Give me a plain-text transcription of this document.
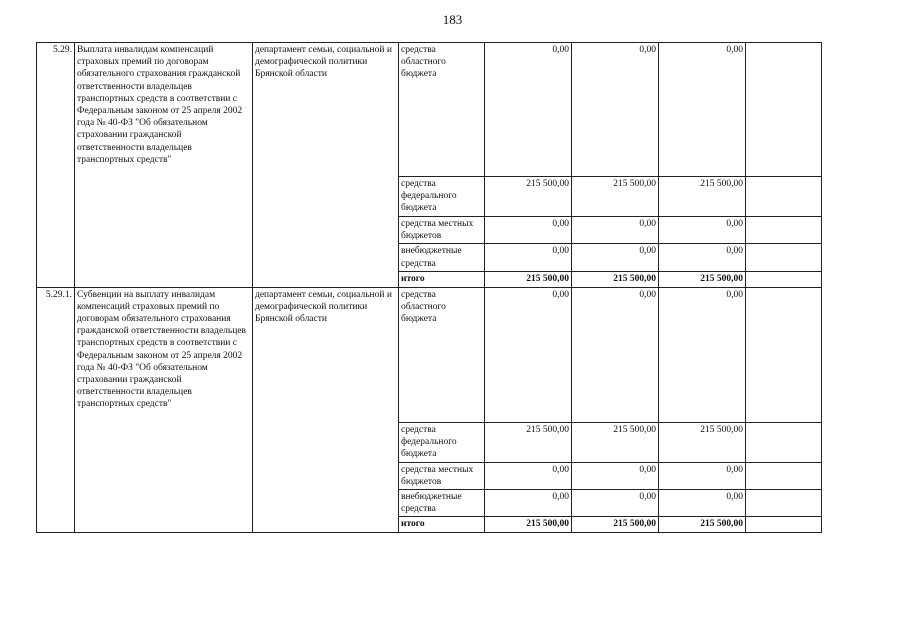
183
5.29.	Выплата инвалидам компенсаций страховых премий по договорам обязательного страхования гражданской ответственности владельцев транспортных средств в соответствии с Федеральным законом от 25 апреля 2002 года № 40-ФЗ "Об обязательном страховании гражданской ответственности владельцев транспортных средств"	департамент семьи, социальной и демографической политики Брянской области	средства областного бюджета	0,00	0,00	0,00	
			средства федерального бюджета	215 500,00	215 500,00	215 500,00	
			средства местных бюджетов	0,00	0,00	0,00	
			внебюджетные средства	0,00	0,00	0,00	
			итого	215 500,00	215 500,00	215 500,00	
5.29.1.	Субвенции на выплату инвалидам компенсаций страховых премий по договорам обязательного страхования гражданской ответственности владельцев транспортных средств в соответствии с Федеральным законом от 25 апреля 2002 года № 40-ФЗ "Об обязательном страховании гражданской ответственности владельцев транспортных средств"	департамент семьи, социальной и демографической политики Брянской области	средства областного бюджета	0,00	0,00	0,00	
			средства федерального бюджета	215 500,00	215 500,00	215 500,00	
			средства местных бюджетов	0,00	0,00	0,00	
			внебюджетные средства	0,00	0,00	0,00	
			итого	215 500,00	215 500,00	215 500,00	
